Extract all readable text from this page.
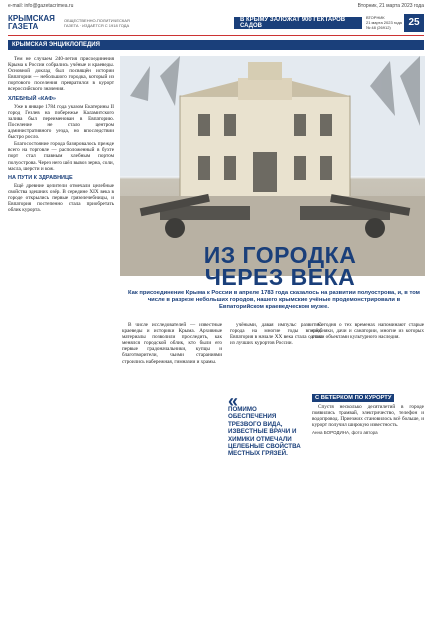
e-mail: info@gazetacrimea.ru	Вторник, 21 марта 2023 года
КРЫМСКАЯ
ГАЗЕТА
ОБЩЕСТВЕННО-ПОЛИТИЧЕСКАЯ ГАЗЕТА · ИЗДАЁТСЯ С 1918 ГОДА
В КРЫМУ ЗАЛОЖАТ 900 ГЕКТАРОВ САДОВ
ВТОРНИК
21 марта 2023 года
№ 48 (26912)	25
КРЫМСКАЯ ЭНЦИКЛОПЕДИЯ

Тем не случаем 240-летия присоединения Крыма к России собрались учёные и краеведы. Основной доклад был посвящён истории Евпатории — небольшого городка, который из портового поселения превратился в курорт всероссийского значения.

ХЛЕБНЫЙ «КАФ»

Уже в январе 1784 года указом Екатерины II город Гезлев на побережье Каламитского залива был переименован в Евпаторию. Поселение не стало центром административного уезда, но впоследствии быстро росло.

Благосостояние города базировалось прежде всего на торговле — расположенный в бухте порт стал главным хлебным портом полуострова. Через него шёл вывоз зерна, соли, масла, шерсти и кож.

НА ПУТИ К ЗДРАВНИЦЕ

Ещё древние целители отмечали целебные свойства здешних озёр. В середине XIX века в городе открылись первые грязелечебницы, и Евпатория постепенно стала приобретать облик курорта.

ИЗ ГОРОДКА
ЧЕРЕЗ ВЕКА
Как присоединение Крыма к России в апреле 1783 года сказалось на развитии полуострова, и, в том числе в разрезе небольших городов, нашего крымские учёные продемонстрировали в Евпаторийском краеведческом музее.

В числе исследователей — известные краеведы и историки Крыма. Архивные материалы позволили проследить, как менялся городской облик, кто были его первые градоначальники, купцы и благотворители, чьими стараниями строились набережная, гимназии и храмы.

«
ПОМИМО ОБЕСПЕЧЕНИЯ ТРЕЗВОГО ВИДА, ИЗВЕСТНЫЕ ВРАЧИ И ХИМИКИ ОТМЕЧАЛИ ЦЕЛЕБНЫЕ СВОЙСТВА МЕСТНЫХ ГРЯЗЕЙ.

учёными, давая импульс развитию города на многие годы вперёд. Евпатория в начале XX века стала одним из лучших курортов России.

Сегодня о тех временах напоминают старые особняки, дачи и санатории, многие из которых стали объектами культурного наследия.

С ВЕТЕРКОМ ПО КУРОРТУ

Спустя несколько десятилетий в городе появились трамвай, электричество, телефон и водопровод. Приезжих становилось всё больше, и курорт получил широкую известность.

Анна БОРОДИНА, фото автора
